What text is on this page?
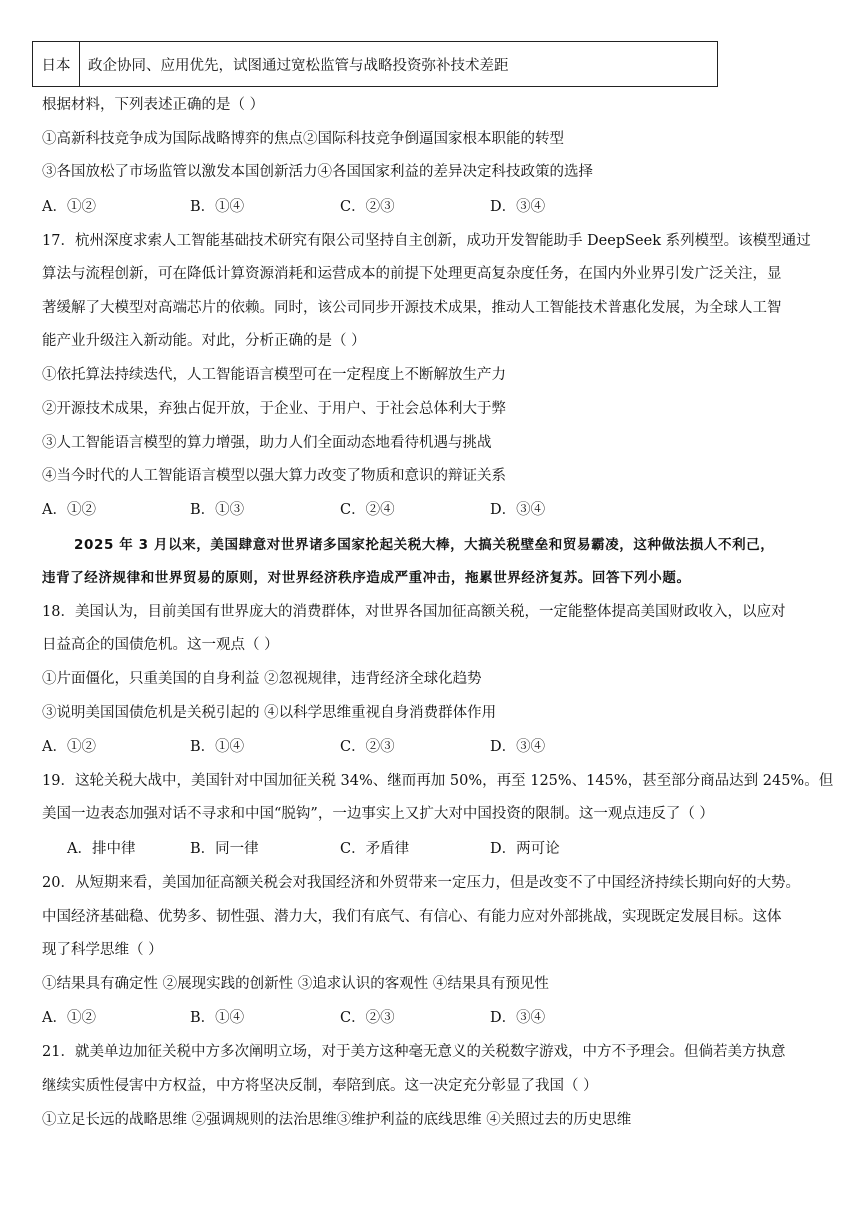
日本	政企协同、应用优先，试图通过宽松监管与战略投资弥补技术差距
根据材料，下列表述正确的是（ ）
①高新科技竞争成为国际战略博弈的焦点②国际科技竞争倒逼国家根本职能的转型
③各国放松了市场监管以激发本国创新活力④各国国家利益的差异决定科技政策的选择
A．①②	B．①④	C．②③	D．③④
17．杭州深度求索人工智能基础技术研究有限公司坚持自主创新，成功开发智能助手 DeepSeek 系列模型。该模型通过
算法与流程创新，可在降低计算资源消耗和运营成本的前提下处理更高复杂度任务，在国内外业界引发广泛关注，显
著缓解了大模型对高端芯片的依赖。同时，该公司同步开源技术成果，推动人工智能技术普惠化发展，为全球人工智
能产业升级注入新动能。对此，分析正确的是（ ）
①依托算法持续迭代，人工智能语言模型可在一定程度上不断解放生产力
②开源技术成果，弃独占促开放，于企业、于用户、于社会总体利大于弊
③人工智能语言模型的算力增强，助力人们全面动态地看待机遇与挑战
④当今时代的人工智能语言模型以强大算力改变了物质和意识的辩证关系
A．①②	B．①③	C．②④	D．③④
2025 年 3 月以来，美国肆意对世界诸多国家抡起关税大棒，大搞关税壁垒和贸易霸凌，这种做法损人不利己，
违背了经济规律和世界贸易的原则，对世界经济秩序造成严重冲击，拖累世界经济复苏。回答下列小题。
18．美国认为，目前美国有世界庞大的消费群体，对世界各国加征高额关税，一定能整体提高美国财政收入，以应对
日益高企的国债危机。这一观点（ ）
①片面僵化，只重美国的自身利益 ②忽视规律，违背经济全球化趋势
③说明美国国债危机是关税引起的 ④以科学思维重视自身消费群体作用
A．①②	B．①④	C．②③	D．③④
19．这轮关税大战中，美国针对中国加征关税 34%、继而再加 50%，再至 125%、145%，甚至部分商品达到 245%。但
美国一边表态加强对话不寻求和中国“脱钩”，一边事实上又扩大对中国投资的限制。这一观点违反了（ ）
A．排中律	B．同一律	C．矛盾律	D．两可论
20．从短期来看，美国加征高额关税会对我国经济和外贸带来一定压力，但是改变不了中国经济持续长期向好的大势。
中国经济基础稳、优势多、韧性强、潜力大，我们有底气、有信心、有能力应对外部挑战，实现既定发展目标。这体
现了科学思维（ ）
①结果具有确定性 ②展现实践的创新性 ③追求认识的客观性 ④结果具有预见性
A．①②	B．①④	C．②③	D．③④
21．就美单边加征关税中方多次阐明立场，对于美方这种毫无意义的关税数字游戏，中方不予理会。但倘若美方执意
继续实质性侵害中方权益，中方将坚决反制，奉陪到底。这一决定充分彰显了我国（ ）
①立足长远的战略思维 ②强调规则的法治思维③维护利益的底线思维 ④关照过去的历史思维
